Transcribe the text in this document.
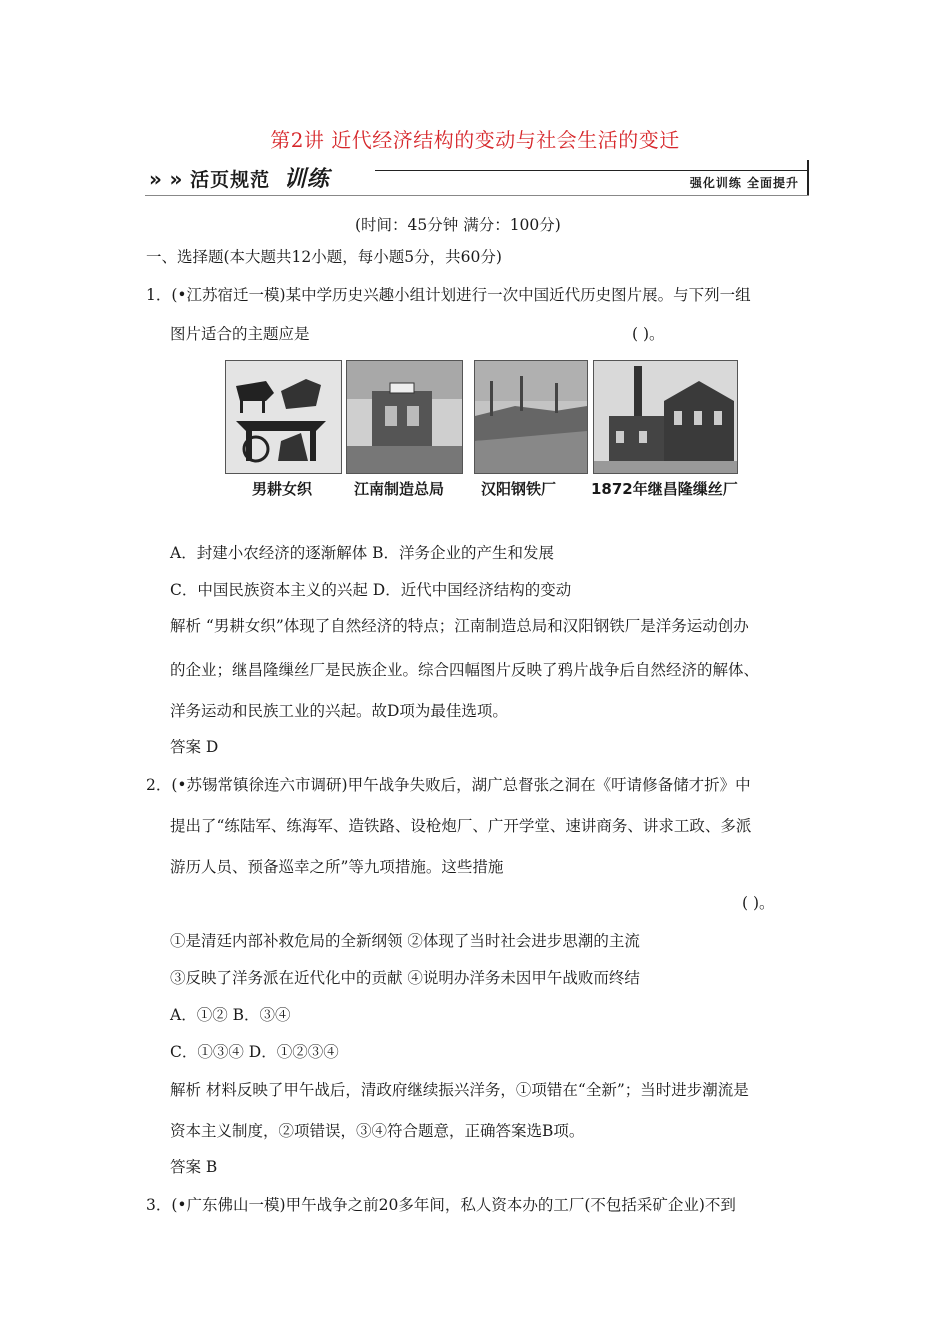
第2讲 近代经济结构的变动与社会生活的变迁
» » 活页规范 训练	强化训练 全面提升
(时间：45分钟 满分：100分)
一、选择题(本大题共12小题，每小题5分，共60分)
1．(•江苏宿迁一模)某中学历史兴趣小组计划进行一次中国近代历史图片展。与下列一组
图片适合的主题应是	( )。
男耕女织	江南制造总局 汉阳钢铁厂 1872年继昌隆缫丝厂
A．封建小农经济的逐渐解体 B．洋务企业的产生和发展
C．中国民族资本主义的兴起 D．近代中国经济结构的变动
解析 “男耕女织”体现了自然经济的特点；江南制造总局和汉阳钢铁厂是洋务运动创办
的企业；继昌隆缫丝厂是民族企业。综合四幅图片反映了鸦片战争后自然经济的解体、
洋务运动和民族工业的兴起。故D项为最佳选项。
答案 D
2．(•苏锡常镇徐连六市调研)甲午战争失败后，湖广总督张之洞在《吁请修备储才折》中
提出了“练陆军、练海军、造铁路、设枪炮厂、广开学堂、速讲商务、讲求工政、多派
游历人员、预备巡幸之所”等九项措施。这些措施
( )。
①是清廷内部补救危局的全新纲领 ②体现了当时社会进步思潮的主流
③反映了洋务派在近代化中的贡献 ④说明办洋务未因甲午战败而终结
A．①② B．③④
C．①③④ D．①②③④
解析 材料反映了甲午战后，清政府继续振兴洋务，①项错在“全新”；当时进步潮流是
资本主义制度，②项错误，③④符合题意，正确答案选B项。
答案 B
3．(•广东佛山一模)甲午战争之前20多年间，私人资本办的工厂(不包括采矿企业)不到
